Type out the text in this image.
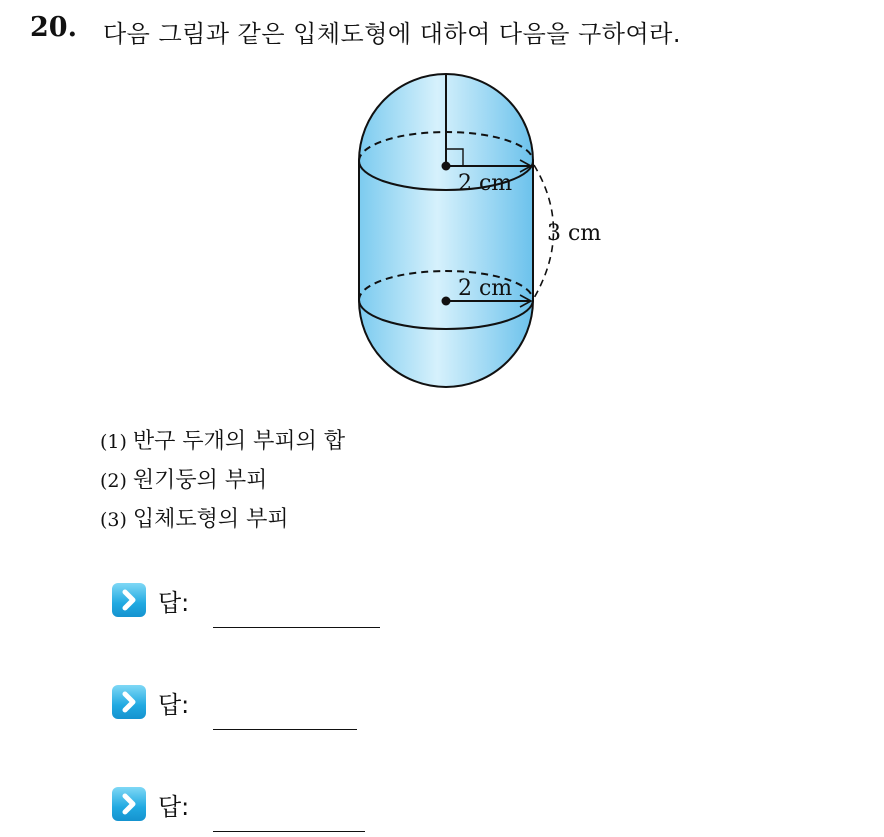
20. 다음 그림과 같은 입체도형에 대하여 다음을 구하여라.
2 cm
3 cm
2 cm
(1) 반구 두개의 부피의 합
(2) 원기둥의 부피
(3) 입체도형의 부피
답:
답:
답:
